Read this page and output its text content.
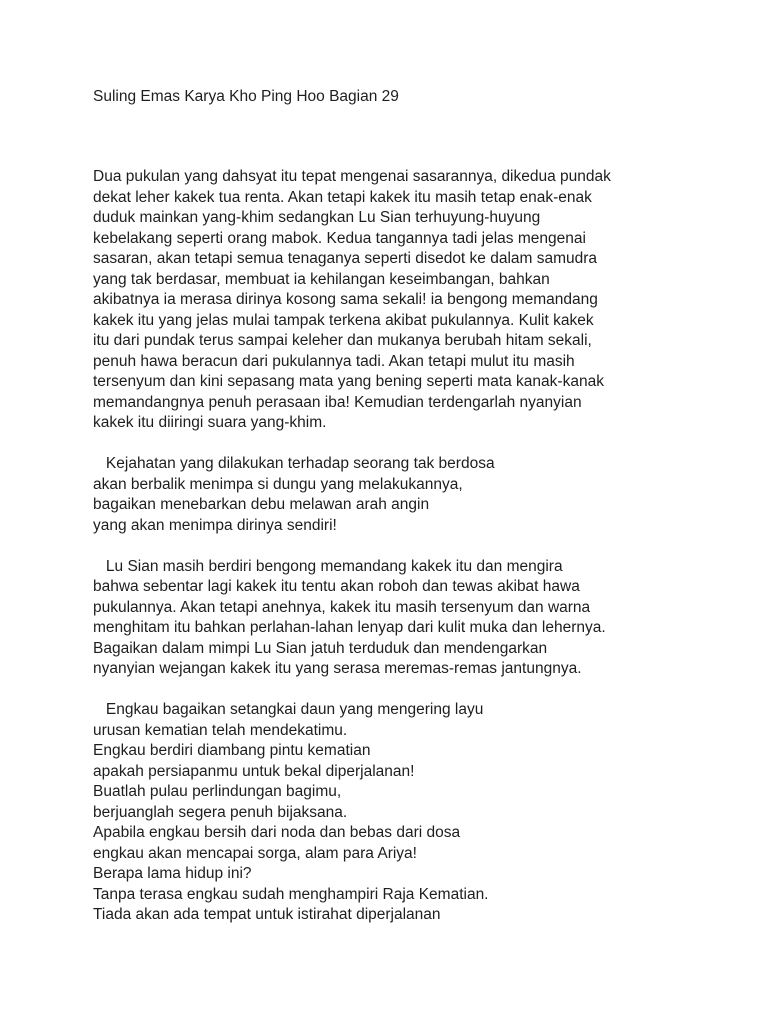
Suling Emas Karya Kho Ping Hoo Bagian 29
Dua pukulan yang dahsyat itu tepat mengenai sasarannya, dikedua pundak
dekat leher kakek tua renta. Akan tetapi kakek itu masih tetap enak-enak
duduk mainkan yang-khim sedangkan Lu Sian terhuyung-huyung
kebelakang seperti orang mabok. Kedua tangannya tadi jelas mengenai
sasaran, akan tetapi semua tenaganya seperti disedot ke dalam samudra
yang tak berdasar, membuat ia kehilangan keseimbangan, bahkan
akibatnya ia merasa dirinya kosong sama sekali! ia bengong memandang
kakek itu yang jelas mulai tampak terkena akibat pukulannya. Kulit kakek
itu dari pundak terus sampai keleher dan mukanya berubah hitam sekali,
penuh hawa beracun dari pukulannya tadi. Akan tetapi mulut itu masih
tersenyum dan kini sepasang mata yang bening seperti mata kanak-kanak
memandangnya penuh perasaan iba! Kemudian terdengarlah nyanyian
kakek itu diiringi suara yang-khim.
Kejahatan yang dilakukan terhadap seorang tak berdosa
akan berbalik menimpa si dungu yang melakukannya,
bagaikan menebarkan debu melawan arah angin
yang akan menimpa dirinya sendiri!
Lu Sian masih berdiri bengong memandang kakek itu dan mengira
bahwa sebentar lagi kakek itu tentu akan roboh dan tewas akibat hawa
pukulannya. Akan tetapi anehnya, kakek itu masih tersenyum dan warna
menghitam itu bahkan perlahan-lahan lenyap dari kulit muka dan lehernya.
Bagaikan dalam mimpi Lu Sian jatuh terduduk dan mendengarkan
nyanyian wejangan kakek itu yang serasa meremas-remas jantungnya.
Engkau bagaikan setangkai daun yang mengering layu
urusan kematian telah mendekatimu.
Engkau berdiri diambang pintu kematian
apakah persiapanmu untuk bekal diperjalanan!
Buatlah pulau perlindungan bagimu,
berjuanglah segera penuh bijaksana.
Apabila engkau bersih dari noda dan bebas dari dosa
engkau akan mencapai sorga, alam para Ariya!
Berapa lama hidup ini?
Tanpa terasa engkau sudah menghampiri Raja Kematian.
Tiada akan ada tempat untuk istirahat diperjalanan
